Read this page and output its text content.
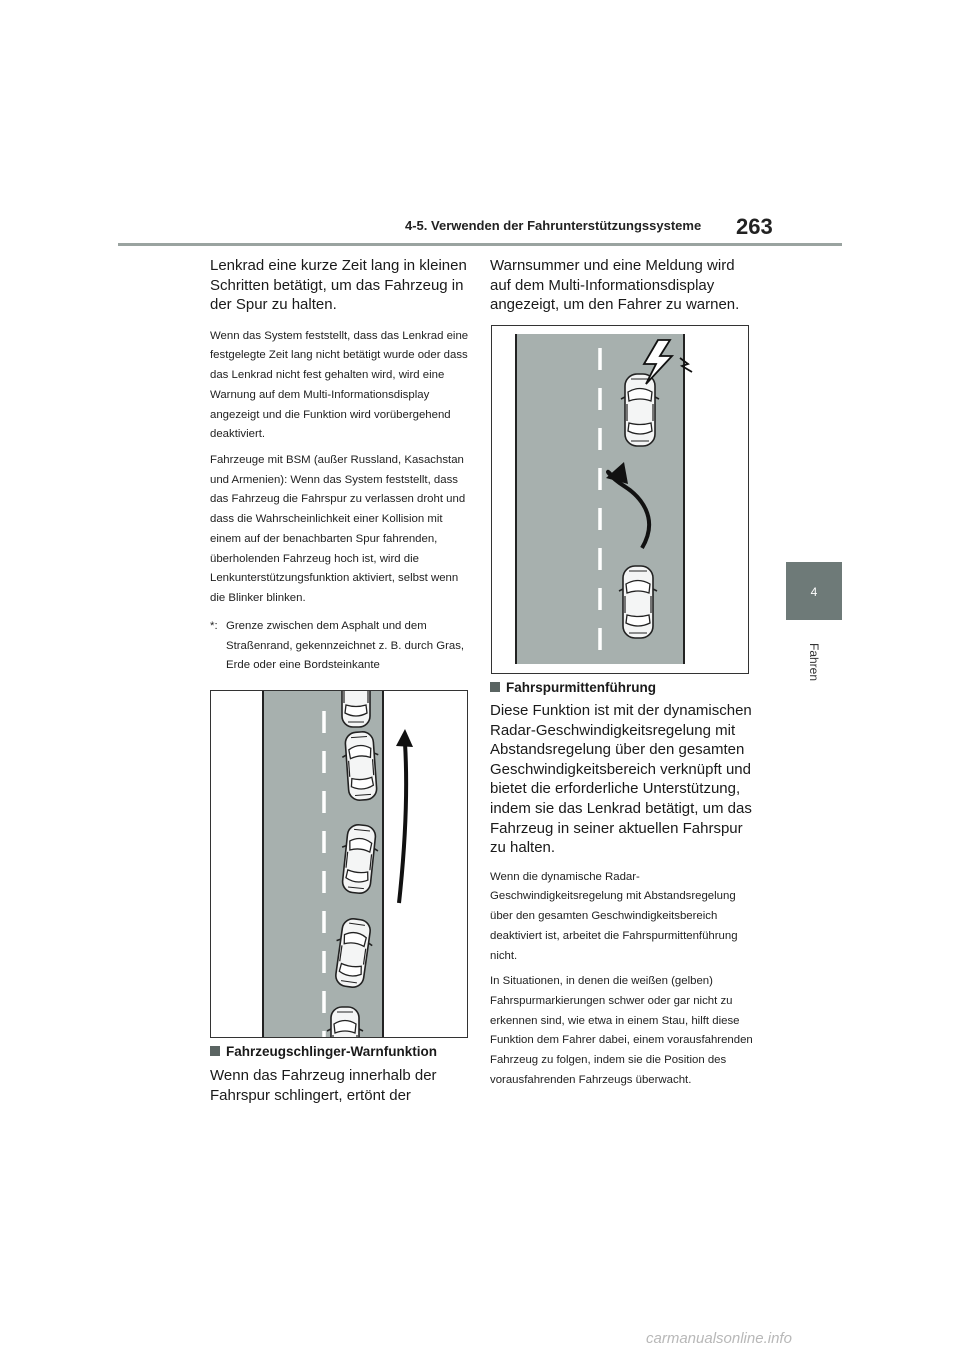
4-5. Verwenden der Fahrunterstützungssysteme 263
4
Fahren

Lenkrad eine kurze Zeit lang in kleinen Schritten betätigt, um das Fahrzeug in der Spur zu halten.

Wenn das System feststellt, dass das Lenkrad eine festgelegte Zeit lang nicht betätigt wurde oder dass das Lenkrad nicht fest gehalten wird, wird eine Warnung auf dem Multi-Informationsdisplay angezeigt und die Funktion wird vorübergehend deaktiviert.

Fahrzeuge mit BSM (außer Russland, Kasachstan und Armenien): Wenn das System feststellt, dass das Fahrzeug die Fahrspur zu verlassen droht und dass die Wahrscheinlichkeit einer Kollision mit einem auf der benachbarten Spur fahrenden, überholenden Fahrzeug hoch ist, wird die Lenkunterstützungsfunktion aktiviert, selbst wenn die Blinker blinken.

*: Grenze zwischen dem Asphalt und dem Straßenrand, gekennzeichnet z. B. durch Gras, Erde oder eine Bordsteinkante

Fahrzeugschlinger-Warnfunktion

Wenn das Fahrzeug innerhalb der Fahrspur schlingert, ertönt der

Warnsummer und eine Meldung wird auf dem Multi-Informationsdisplay angezeigt, um den Fahrer zu warnen.

Fahrspurmittenführung

Diese Funktion ist mit der dynamischen Radar-Geschwindigkeitsregelung mit Abstandsregelung über den gesamten Geschwindigkeitsbereich verknüpft und bietet die erforderliche Unterstützung, indem sie das Lenkrad betätigt, um das Fahrzeug in seiner aktuellen Fahrspur zu halten.

Wenn die dynamische Radar-Geschwindigkeitsregelung mit Abstandsregelung über den gesamten Geschwindigkeitsbereich deaktiviert ist, arbeitet die Fahrspurmittenführung nicht.

In Situationen, in denen die weißen (gelben) Fahrspurmarkierungen schwer oder gar nicht zu erkennen sind, wie etwa in einem Stau, hilft diese Funktion dem Fahrer dabei, einem vorausfahrenden Fahrzeug zu folgen, indem sie die Position des vorausfahrenden Fahrzeugs überwacht.

carmanualsonline.info
